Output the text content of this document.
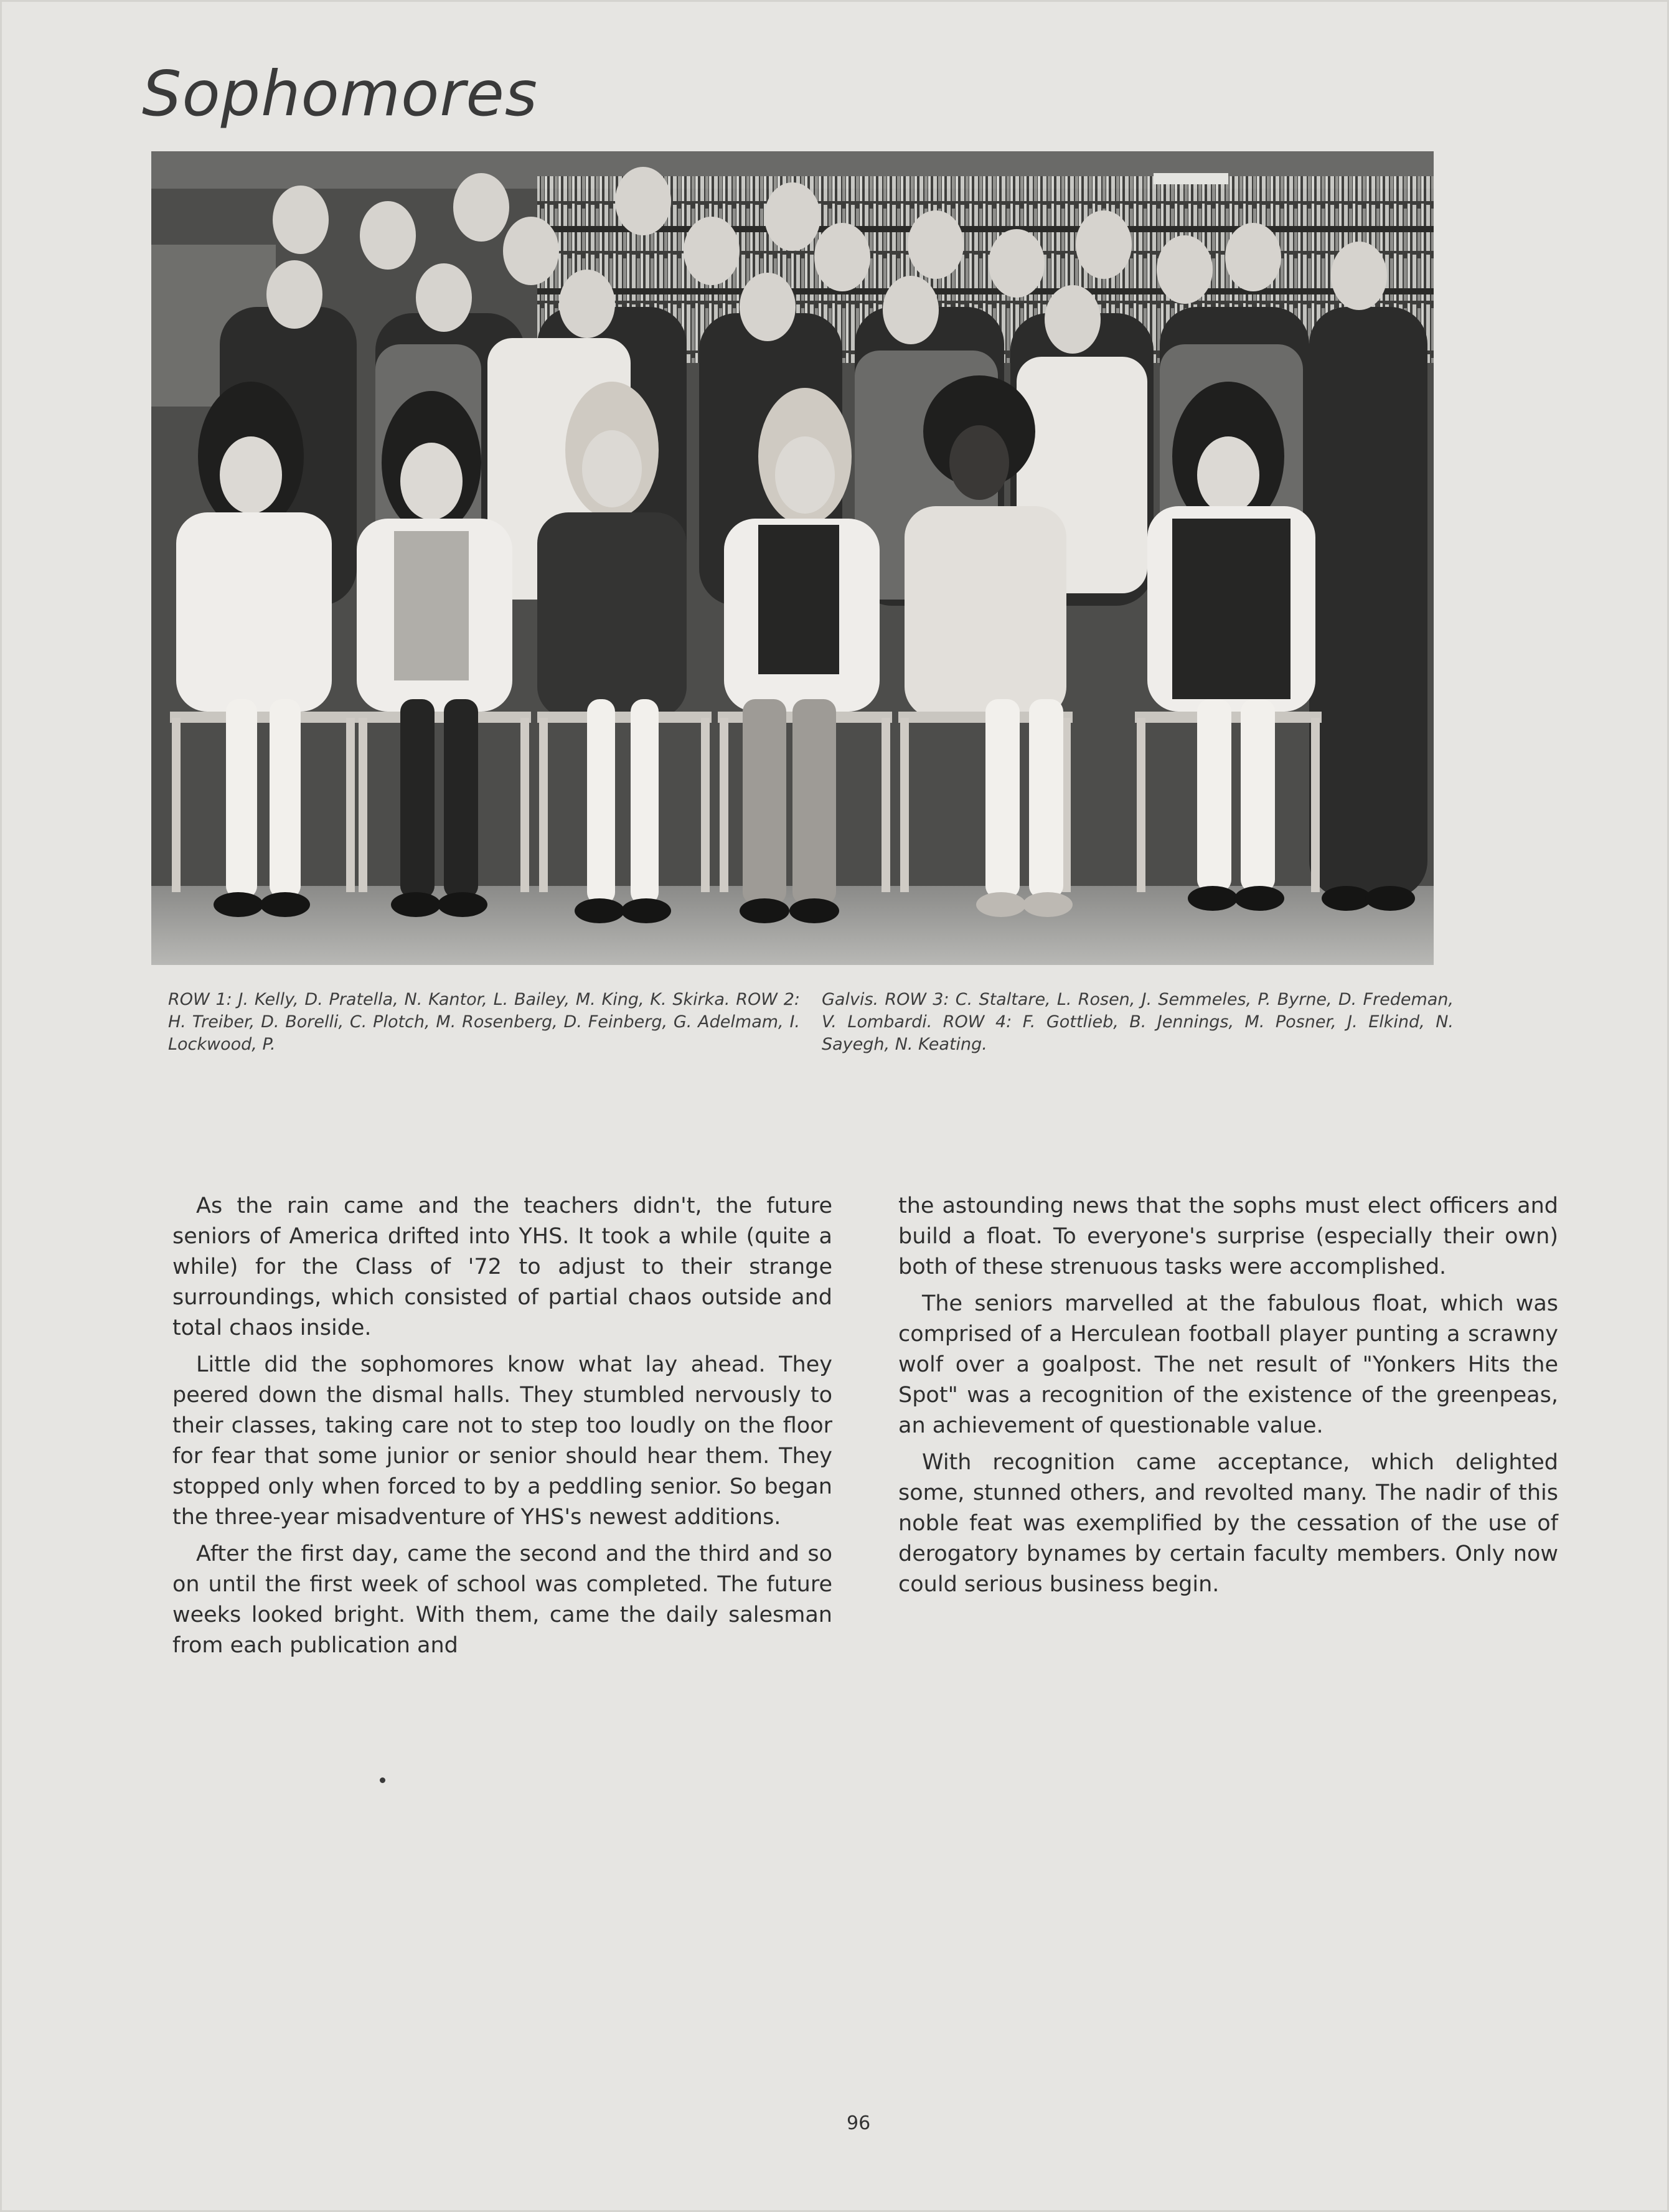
Sophomores
ROW 1: J. Kelly, D. Pratella, N. Kantor, L. Bailey, M. King, K. Skirka. ROW 2: H. Treiber, D. Borelli, C. Plotch, M. Rosenberg, D. Feinberg, G. Adelmam, I. Lockwood, P.
Galvis. ROW 3: C. Staltare, L. Rosen, J. Semmeles, P. Byrne, D. Fredeman, V. Lombardi. ROW 4: F. Gottlieb, B. Jennings, M. Posner, J. Elkind, N. Sayegh, N. Keating.

As the rain came and the teachers didn't, the future seniors of America drifted into YHS. It took a while (quite a while) for the Class of '72 to adjust to their strange surroundings, which consisted of partial chaos outside and total chaos inside.

Little did the sophomores know what lay ahead. They peered down the dismal halls. They stumbled nervously to their classes, taking care not to step too loudly on the floor for fear that some junior or senior should hear them. They stopped only when forced to by a peddling senior. So began the three-year misadventure of YHS's newest additions.

After the first day, came the second and the third and so on until the first week of school was completed. The future weeks looked bright. With them, came the daily salesman from each publication and

the astounding news that the sophs must elect officers and build a float. To everyone's surprise (especially their own) both of these strenuous tasks were accomplished.

The seniors marvelled at the fabulous float, which was comprised of a Herculean football player punting a scrawny wolf over a goalpost. The net result of "Yonkers Hits the Spot" was a recognition of the existence of the greenpeas, an achievement of questionable value.

With recognition came acceptance, which delighted some, stunned others, and revolted many. The nadir of this noble feat was exemplified by the cessation of the use of derogatory bynames by certain faculty members. Only now could serious business begin.

96
